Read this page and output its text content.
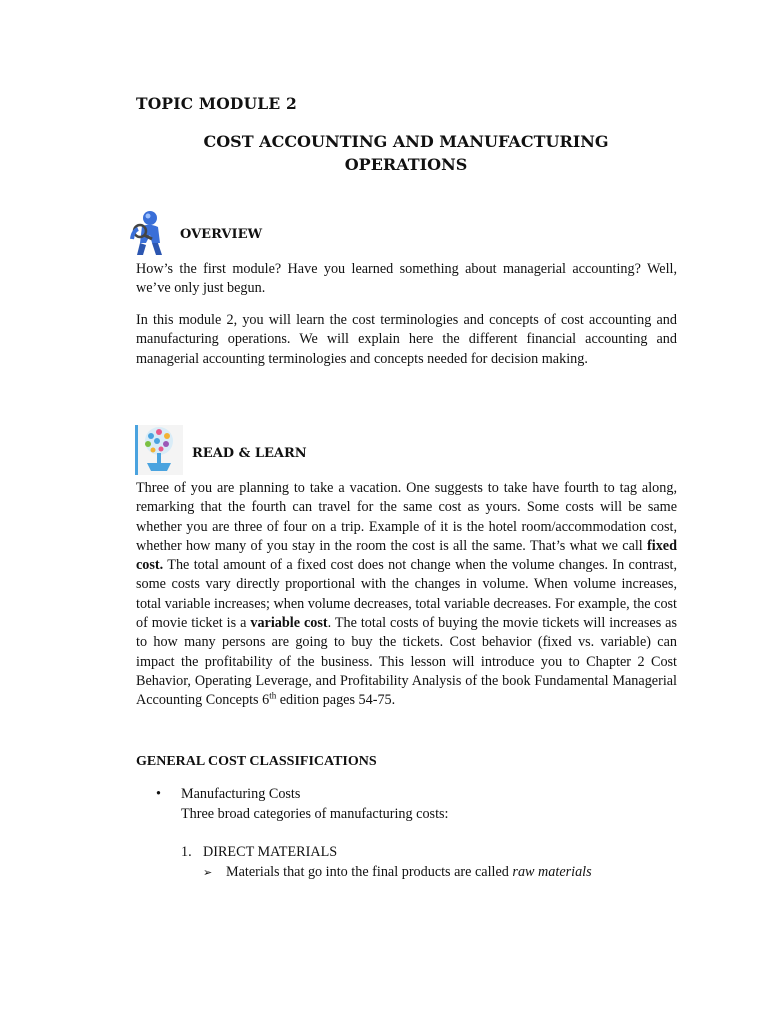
TOPIC MODULE 2
COST ACCOUNTING AND MANUFACTURING
OPERATIONS
OVERVIEW

How’s the first module? Have you learned something about managerial accounting? Well, we’ve only just begun.

In this module 2, you will learn the cost terminologies and concepts of cost accounting and manufacturing operations. We will explain here the different financial accounting and managerial accounting terminologies and concepts needed for decision making.

READ & LEARN

Three of you are planning to take a vacation. One suggests to take have fourth to tag along, remarking that the fourth can travel for the same cost as yours. Some costs will be same whether you are three of four on a trip. Example of it is the hotel room/accommodation cost, whether how many of you stay in the room the cost is all the same. That’s what we call fixed cost. The total amount of a fixed cost does not change when the volume changes. In contrast, some costs vary directly proportional with the changes in volume. When volume increases, total variable increases; when volume decreases, total variable decreases. For example, the cost of movie ticket is a variable cost. The total costs of buying the movie tickets will increases as to how many persons are going to buy the tickets. Cost behavior (fixed vs. variable) can impact the profitability of the business. This lesson will introduce you to Chapter 2 Cost Behavior, Operating Leverage, and Profitability Analysis of the book Fundamental Managerial Accounting Concepts 6th edition pages 54-75.

GENERAL COST CLASSIFICATIONS
• Manufacturing Costs
Three broad categories of manufacturing costs:
1. DIRECT MATERIALS
➢ Materials that go into the final products are called raw materials
